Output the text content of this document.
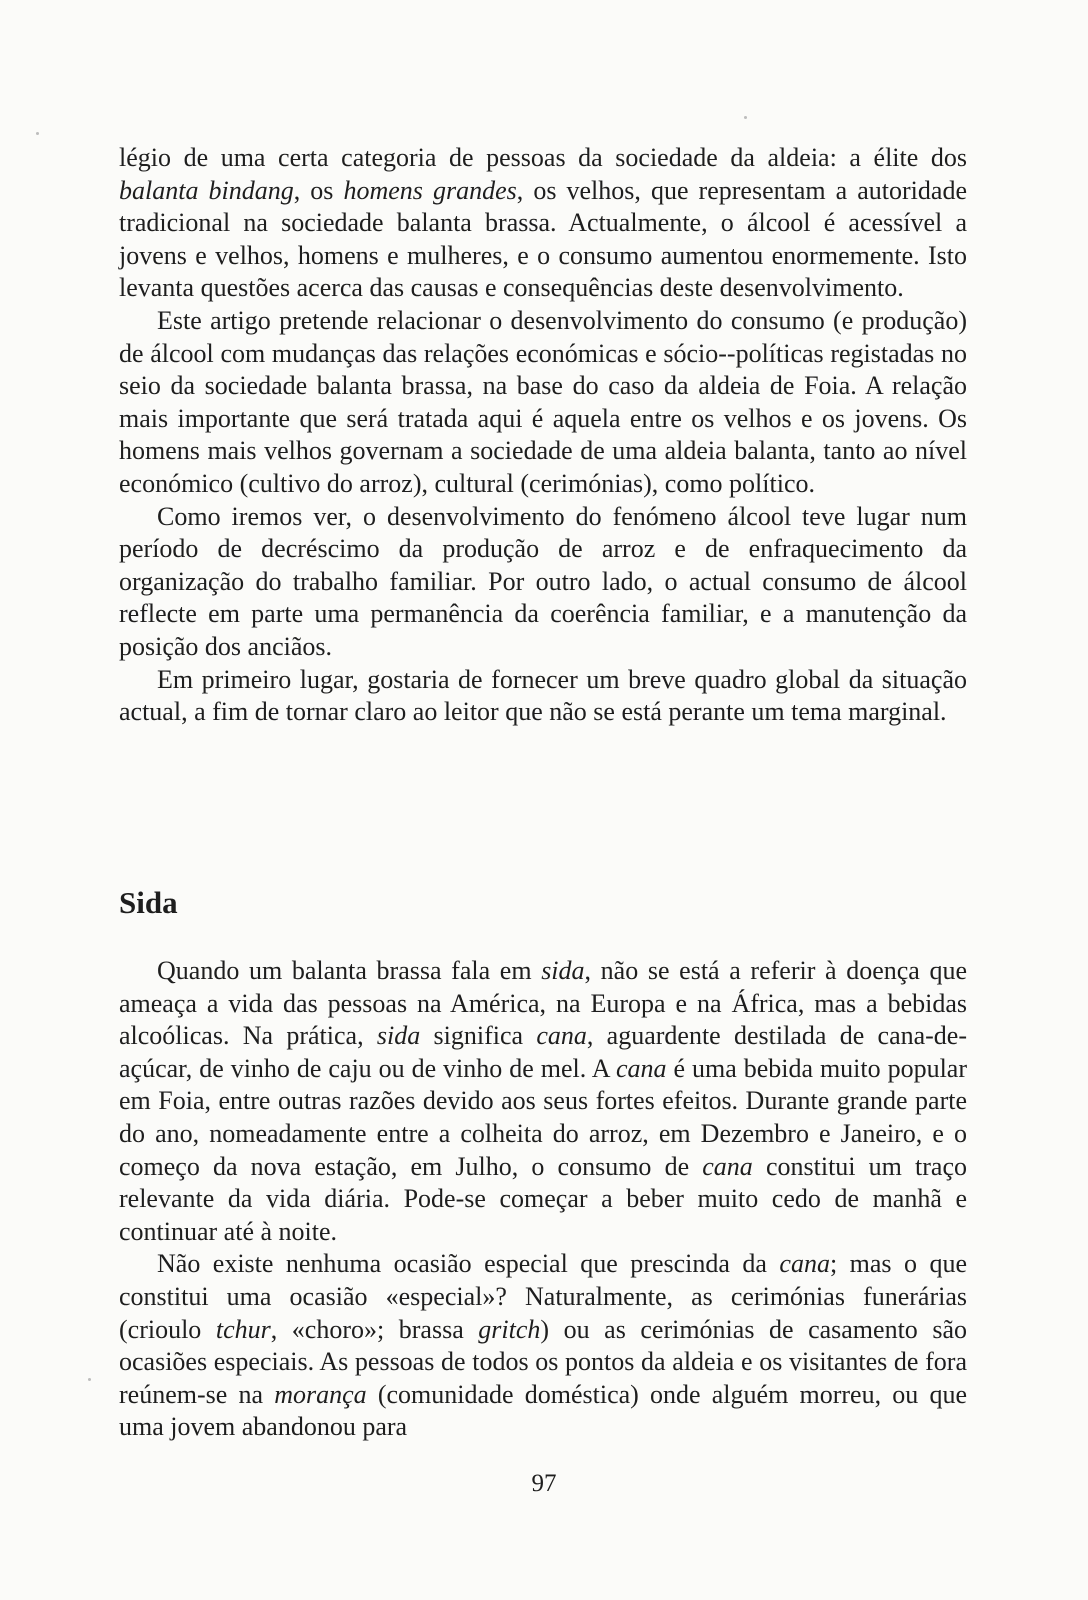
légio de uma certa categoria de pessoas da sociedade da aldeia: a élite dos balanta bindang, os homens grandes, os velhos, que representam a autoridade tradicional na sociedade balanta brassa. Actualmente, o álcool é acessível a jovens e velhos, homens e mulheres, e o consumo aumentou enormemente. Isto levanta questões acerca das causas e consequências deste desenvolvimento.

Este artigo pretende relacionar o desenvolvimento do consumo (e produção) de álcool com mudanças das relações económicas e sócio--políticas registadas no seio da sociedade balanta brassa, na base do caso da aldeia de Foia. A relação mais importante que será tratada aqui é aquela entre os velhos e os jovens. Os homens mais velhos governam a sociedade de uma aldeia balanta, tanto ao nível económico (cultivo do arroz), cultural (cerimónias), como político.

Como iremos ver, o desenvolvimento do fenómeno álcool teve lugar num período de decréscimo da produção de arroz e de enfraquecimento da organização do trabalho familiar. Por outro lado, o actual consumo de álcool reflecte em parte uma permanência da coerência familiar, e a manutenção da posição dos anciãos.

Em primeiro lugar, gostaria de fornecer um breve quadro global da situação actual, a fim de tornar claro ao leitor que não se está perante um tema marginal.

Sida

Quando um balanta brassa fala em sida, não se está a referir à doença que ameaça a vida das pessoas na América, na Europa e na África, mas a bebidas alcoólicas. Na prática, sida significa cana, aguardente destilada de cana-de-açúcar, de vinho de caju ou de vinho de mel. A cana é uma bebida muito popular em Foia, entre outras razões devido aos seus fortes efeitos. Durante grande parte do ano, nomeadamente entre a colheita do arroz, em Dezembro e Janeiro, e o começo da nova estação, em Julho, o consumo de cana constitui um traço relevante da vida diária. Pode-se começar a beber muito cedo de manhã e continuar até à noite.

Não existe nenhuma ocasião especial que prescinda da cana; mas o que constitui uma ocasião «especial»? Naturalmente, as cerimónias funerárias (crioulo tchur, «choro»; brassa gritch) ou as cerimónias de casamento são ocasiões especiais. As pessoas de todos os pontos da aldeia e os visitantes de fora reúnem-se na morança (comunidade doméstica) onde alguém morreu, ou que uma jovem abandonou para

97
